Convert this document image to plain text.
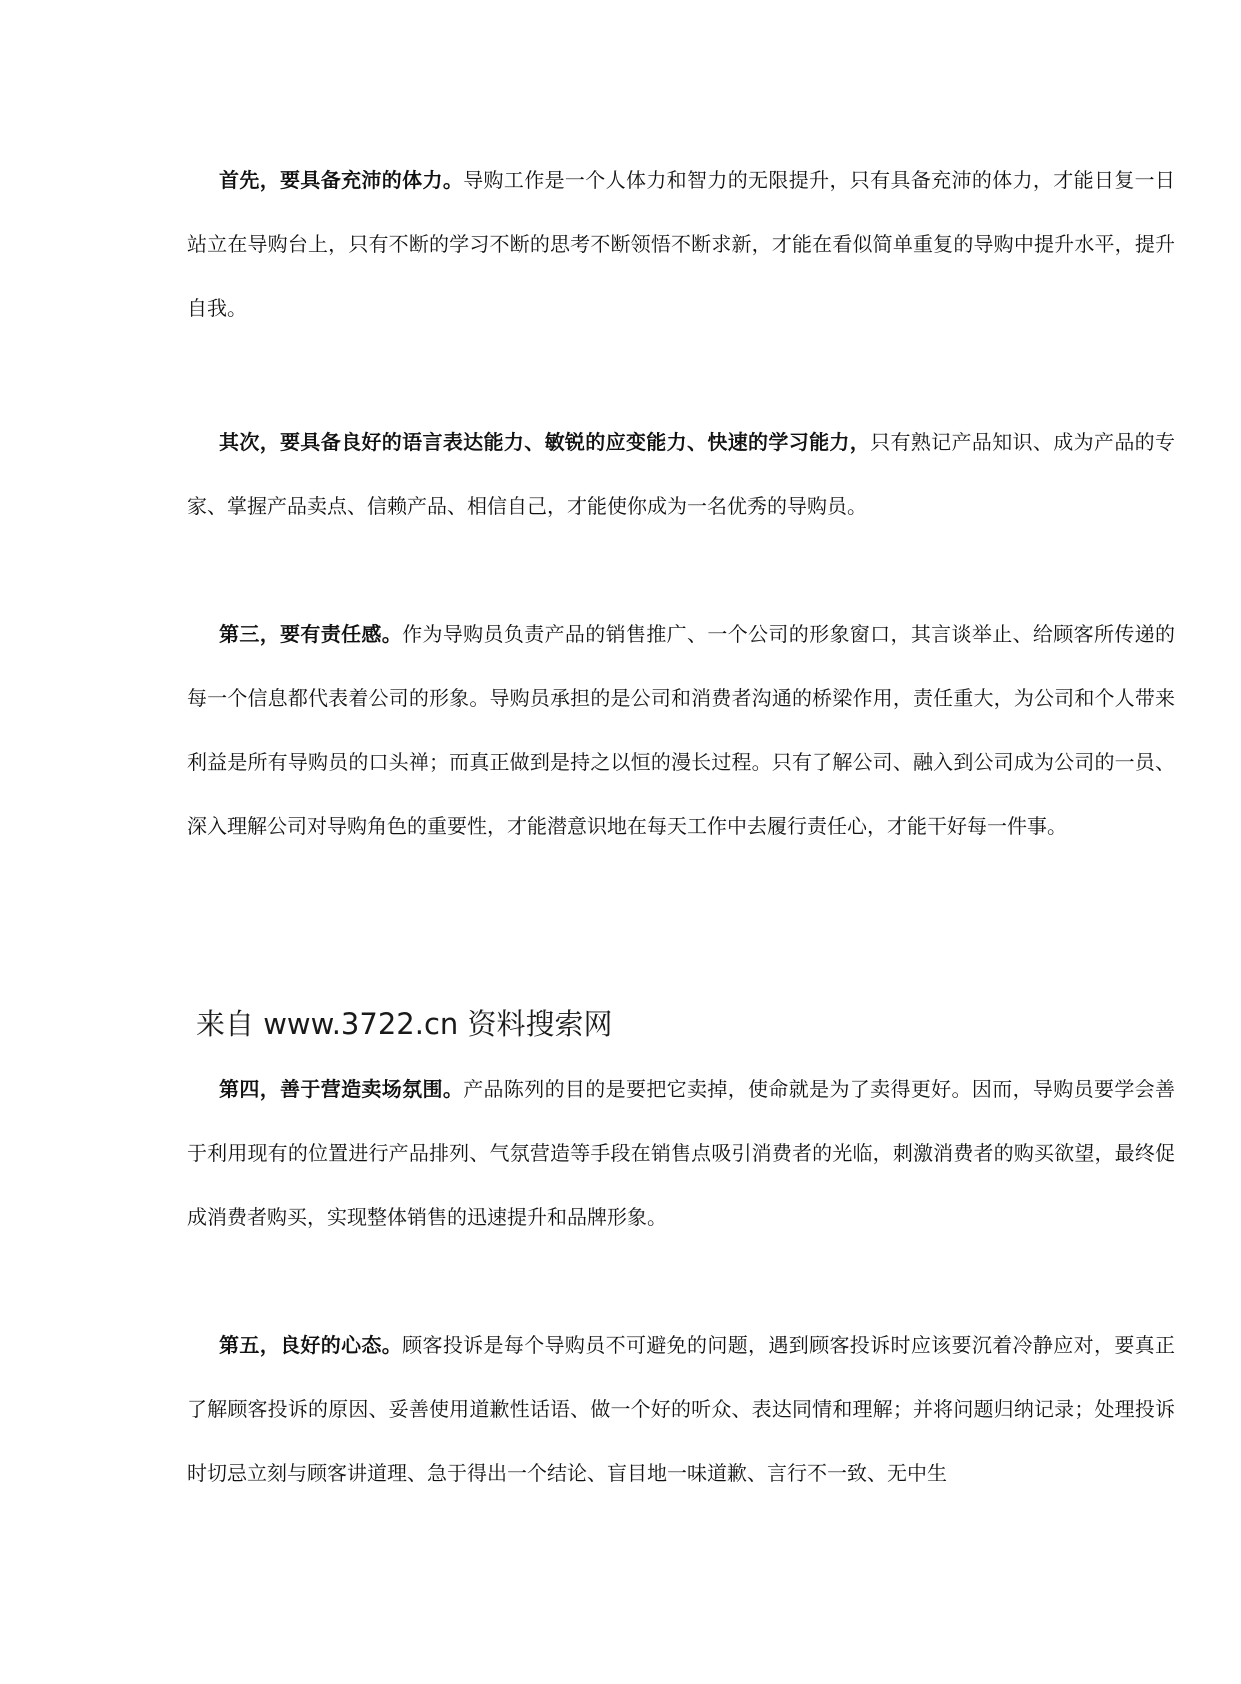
首先，要具备充沛的体力。导购工作是一个人体力和智力的无限提升，只有具备充沛的体力，才能日复一日站立在导购台上，只有不断的学习不断的思考不断领悟不断求新，才能在看似简单重复的导购中提升水平，提升自我。

其次，要具备良好的语言表达能力、敏锐的应变能力、快速的学习能力，只有熟记产品知识、成为产品的专家、掌握产品卖点、信赖产品、相信自己，才能使你成为一名优秀的导购员。

第三，要有责任感。作为导购员负责产品的销售推广、一个公司的形象窗口，其言谈举止、给顾客所传递的每一个信息都代表着公司的形象。导购员承担的是公司和消费者沟通的桥梁作用，责任重大，为公司和个人带来利益是所有导购员的口头禅；而真正做到是持之以恒的漫长过程。只有了解公司、融入到公司成为公司的一员、深入理解公司对导购角色的重要性，才能潜意识地在每天工作中去履行责任心，才能干好每一件事。

来自 www.3722.cn 资料搜索网

第四，善于营造卖场氛围。产品陈列的目的是要把它卖掉，使命就是为了卖得更好。因而，导购员要学会善于利用现有的位置进行产品排列、气氛营造等手段在销售点吸引消费者的光临，刺激消费者的购买欲望，最终促成消费者购买，实现整体销售的迅速提升和品牌形象。

第五，良好的心态。顾客投诉是每个导购员不可避免的问题，遇到顾客投诉时应该要沉着冷静应对，要真正了解顾客投诉的原因、妥善使用道歉性话语、做一个好的听众、表达同情和理解；并将问题归纳记录；处理投诉时切忌立刻与顾客讲道理、急于得出一个结论、盲目地一味道歉、言行不一致、无中生
